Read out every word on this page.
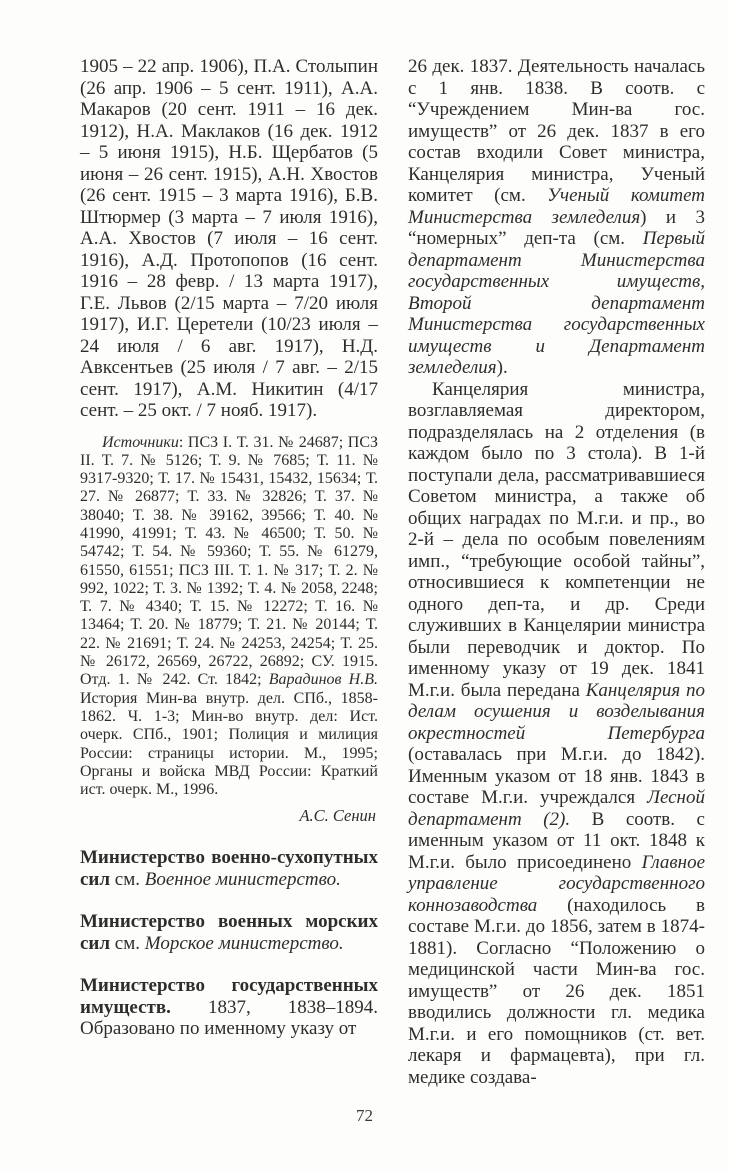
1905 – 22 апр. 1906), П.А. Столыпин (26 апр. 1906 – 5 сент. 1911), А.А. Макаров (20 сент. 1911 – 16 дек. 1912), Н.А. Маклаков (16 дек. 1912 – 5 июня 1915), Н.Б. Щербатов (5 июня – 26 сент. 1915), А.Н. Хвостов (26 сент. 1915 – 3 марта 1916), Б.В. Штюрмер (3 марта – 7 июля 1916), А.А. Хвостов (7 июля – 16 сент. 1916), А.Д. Протопопов (16 сент. 1916 – 28 февр. / 13 марта 1917), Г.Е. Львов (2/15 марта – 7/20 июля 1917), И.Г. Церетели (10/23 июля – 24 июля / 6 авг. 1917), Н.Д. Авксентьев (25 июля / 7 авг. – 2/15 сент. 1917), А.М. Никитин (4/17 сент. – 25 окт. / 7 нояб. 1917).

Источники: ПСЗ I. Т. 31. № 24687; ПСЗ II. Т. 7. № 5126; Т. 9. № 7685; Т. 11. № 9317-9320; Т. 17. № 15431, 15432, 15634; Т. 27. № 26877; Т. 33. № 32826; Т. 37. № 38040; Т. 38. № 39162, 39566; Т. 40. № 41990, 41991; Т. 43. № 46500; Т. 50. № 54742; Т. 54. № 59360; Т. 55. № 61279, 61550, 61551; ПСЗ III. Т. 1. № 317; Т. 2. № 992, 1022; Т. 3. № 1392; Т. 4. № 2058, 2248; Т. 7. № 4340; Т. 15. № 12272; Т. 16. № 13464; Т. 20. № 18779; Т. 21. № 20144; Т. 22. № 21691; Т. 24. № 24253, 24254; Т. 25. № 26172, 26569, 26722, 26892; СУ. 1915. Отд. 1. № 242. Ст. 1842; Варадинов Н.В. История Мин-ва внутр. дел. СПб., 1858-1862. Ч. 1-3; Мин-во внутр. дел: Ист. очерк. СПб., 1901; Полиция и милиция России: страницы истории. М., 1995; Органы и войска МВД России: Краткий ист. очерк. М., 1996.

А.С. Сенин

Министерство военно-сухопутных сил см. Военное министерство.

Министерство военных морских сил см. Морское министерство.

Министерство государственных имуществ. 1837, 1838–1894. Образовано по именному указу от

26 дек. 1837. Деятельность началась с 1 янв. 1838. В соотв. с “Учреждением Мин-ва гос. имуществ” от 26 дек. 1837 в его состав входили Совет министра, Канцелярия министра, Ученый комитет (см. Ученый комитет Министерства земледелия) и 3 “номерных” деп-та (см. Первый департамент Министерства государственных имуществ, Второй департамент Министерства государственных имуществ и Департамент земледелия).

Канцелярия министра, возглавляемая директором, подразделялась на 2 отделения (в каждом было по 3 стола). В 1-й поступали дела, рассматривавшиеся Советом министра, а также об общих наградах по М.г.и. и пр., во 2-й – дела по особым повелениям имп., “требующие особой тайны”, относившиеся к компетенции не одного деп-та, и др. Среди служивших в Канцелярии министра были переводчик и доктор. По именному указу от 19 дек. 1841 М.г.и. была передана Канцелярия по делам осушения и возделывания окрестностей Петербурга (оставалась при М.г.и. до 1842). Именным указом от 18 янв. 1843 в составе М.г.и. учреждался Лесной департамент (2). В соотв. с именным указом от 11 окт. 1848 к М.г.и. было присоединено Главное управление государственного коннозаводства (находилось в составе М.г.и. до 1856, затем в 1874-1881). Согласно “Положению о медицинской части Мин-ва гос. имуществ” от 26 дек. 1851 вводились должности гл. медика М.г.и. и его помощников (ст. вет. лекаря и фармацевта), при гл. медике создава-

72
